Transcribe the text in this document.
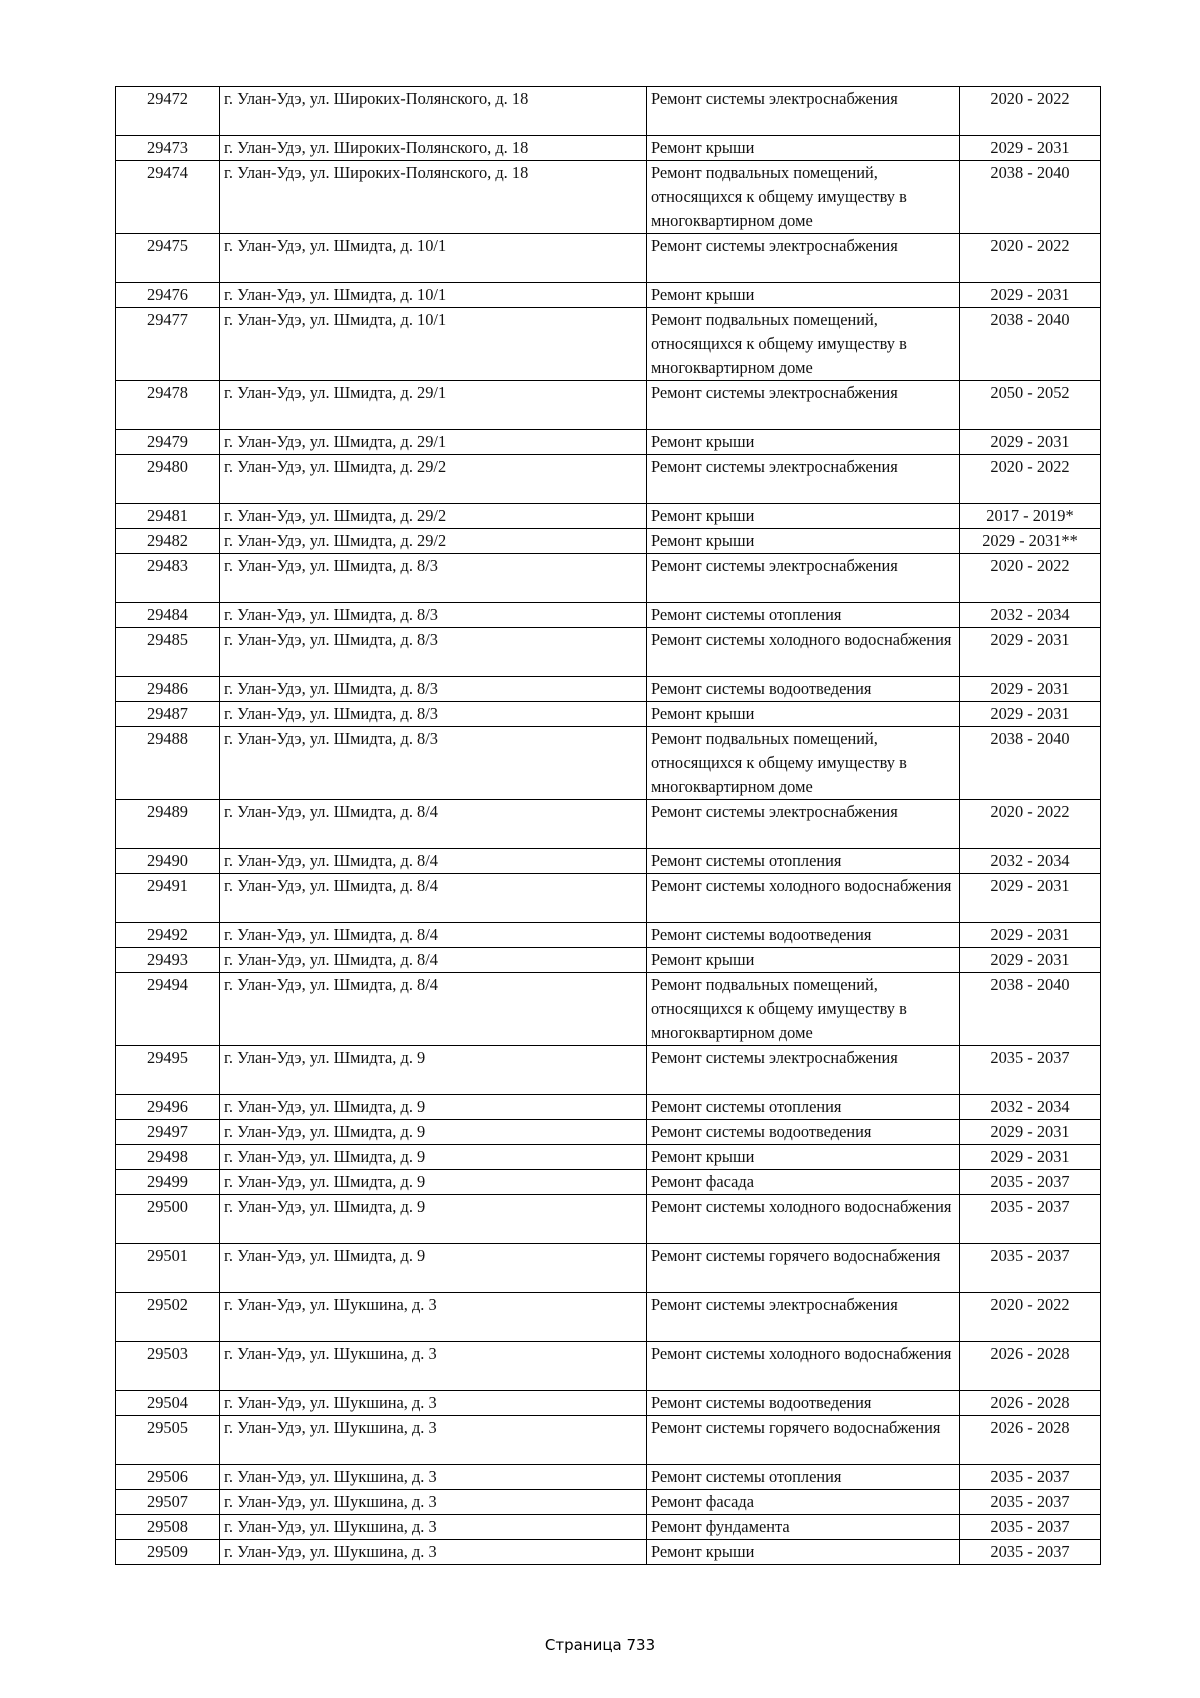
29472	г. Улан-Удэ, ул. Широких-Полянского, д. 18	Ремонт системы электроснабжения	2020 - 2022
29473	г. Улан-Удэ, ул. Широких-Полянского, д. 18	Ремонт крыши	2029 - 2031
29474	г. Улан-Удэ, ул. Широких-Полянского, д. 18	Ремонт подвальных помещений, относящихся к общему имуществу в многоквартирном доме	2038 - 2040
29475	г. Улан-Удэ, ул. Шмидта, д. 10/1	Ремонт системы электроснабжения	2020 - 2022
29476	г. Улан-Удэ, ул. Шмидта, д. 10/1	Ремонт крыши	2029 - 2031
29477	г. Улан-Удэ, ул. Шмидта, д. 10/1	Ремонт подвальных помещений, относящихся к общему имуществу в многоквартирном доме	2038 - 2040
29478	г. Улан-Удэ, ул. Шмидта, д. 29/1	Ремонт системы электроснабжения	2050 - 2052
29479	г. Улан-Удэ, ул. Шмидта, д. 29/1	Ремонт крыши	2029 - 2031
29480	г. Улан-Удэ, ул. Шмидта, д. 29/2	Ремонт системы электроснабжения	2020 - 2022
29481	г. Улан-Удэ, ул. Шмидта, д. 29/2	Ремонт крыши	2017 - 2019*
29482	г. Улан-Удэ, ул. Шмидта, д. 29/2	Ремонт крыши	2029 - 2031**
29483	г. Улан-Удэ, ул. Шмидта, д. 8/3	Ремонт системы электроснабжения	2020 - 2022
29484	г. Улан-Удэ, ул. Шмидта, д. 8/3	Ремонт системы отопления	2032 - 2034
29485	г. Улан-Удэ, ул. Шмидта, д. 8/3	Ремонт системы холодного водоснабжения	2029 - 2031
29486	г. Улан-Удэ, ул. Шмидта, д. 8/3	Ремонт системы водоотведения	2029 - 2031
29487	г. Улан-Удэ, ул. Шмидта, д. 8/3	Ремонт крыши	2029 - 2031
29488	г. Улан-Удэ, ул. Шмидта, д. 8/3	Ремонт подвальных помещений, относящихся к общему имуществу в многоквартирном доме	2038 - 2040
29489	г. Улан-Удэ, ул. Шмидта, д. 8/4	Ремонт системы электроснабжения	2020 - 2022
29490	г. Улан-Удэ, ул. Шмидта, д. 8/4	Ремонт системы отопления	2032 - 2034
29491	г. Улан-Удэ, ул. Шмидта, д. 8/4	Ремонт системы холодного водоснабжения	2029 - 2031
29492	г. Улан-Удэ, ул. Шмидта, д. 8/4	Ремонт системы водоотведения	2029 - 2031
29493	г. Улан-Удэ, ул. Шмидта, д. 8/4	Ремонт крыши	2029 - 2031
29494	г. Улан-Удэ, ул. Шмидта, д. 8/4	Ремонт подвальных помещений, относящихся к общему имуществу в многоквартирном доме	2038 - 2040
29495	г. Улан-Удэ, ул. Шмидта, д. 9	Ремонт системы электроснабжения	2035 - 2037
29496	г. Улан-Удэ, ул. Шмидта, д. 9	Ремонт системы отопления	2032 - 2034
29497	г. Улан-Удэ, ул. Шмидта, д. 9	Ремонт системы водоотведения	2029 - 2031
29498	г. Улан-Удэ, ул. Шмидта, д. 9	Ремонт крыши	2029 - 2031
29499	г. Улан-Удэ, ул. Шмидта, д. 9	Ремонт фасада	2035 - 2037
29500	г. Улан-Удэ, ул. Шмидта, д. 9	Ремонт системы холодного водоснабжения	2035 - 2037
29501	г. Улан-Удэ, ул. Шмидта, д. 9	Ремонт системы горячего водоснабжения	2035 - 2037
29502	г. Улан-Удэ, ул. Шукшина, д. 3	Ремонт системы электроснабжения	2020 - 2022
29503	г. Улан-Удэ, ул. Шукшина, д. 3	Ремонт системы холодного водоснабжения	2026 - 2028
29504	г. Улан-Удэ, ул. Шукшина, д. 3	Ремонт системы водоотведения	2026 - 2028
29505	г. Улан-Удэ, ул. Шукшина, д. 3	Ремонт системы горячего водоснабжения	2026 - 2028
29506	г. Улан-Удэ, ул. Шукшина, д. 3	Ремонт системы отопления	2035 - 2037
29507	г. Улан-Удэ, ул. Шукшина, д. 3	Ремонт фасада	2035 - 2037
29508	г. Улан-Удэ, ул. Шукшина, д. 3	Ремонт фундамента	2035 - 2037
29509	г. Улан-Удэ, ул. Шукшина, д. 3	Ремонт крыши	2035 - 2037
Страница 733
